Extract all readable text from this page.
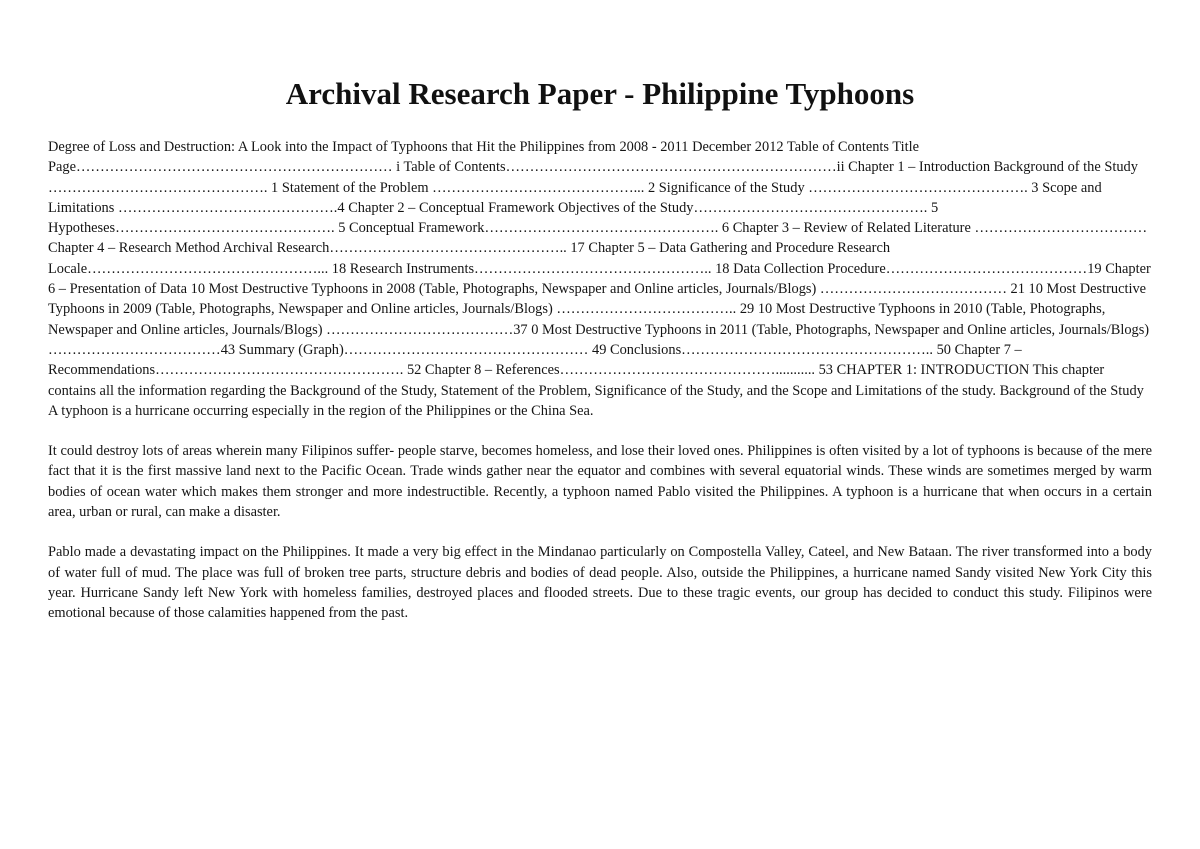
Archival Research Paper - Philippine Typhoons

Degree of Loss and Destruction: A Look into the Impact of Typhoons that Hit the Philippines from 2008 - 2011 December 2012 Table of Contents Title Page………………………………………………………… i Table of Contents……………………………………………………………ii Chapter 1 – Introduction Background of the Study ………………………………………. 1 Statement of the Problem ……………………………………... 2 Significance of the Study ………………………………………. 3 Scope and Limitations ……………………………………….4 Chapter 2 – Conceptual Framework Objectives of the Study…………………………………………. 5 Hypotheses………………………………………. 5 Conceptual Framework…………………………………………. 6 Chapter 3 – Review of Related Literature ……………………………… Chapter 4 – Research Method Archival Research………………………………………….. 17 Chapter 5 – Data Gathering and Procedure Research Locale…………………………………………... 18 Research Instruments………………………………………….. 18 Data Collection Procedure……………………………………19 Chapter 6 – Presentation of Data 10 Most Destructive Typhoons in 2008 (Table, Photographs, Newspaper and Online articles, Journals/Blogs) ………………………………… 21 10 Most Destructive Typhoons in 2009 (Table, Photographs, Newspaper and Online articles, Journals/Blogs) ……………………………….. 29 10 Most Destructive Typhoons in 2010 (Table, Photographs, Newspaper and Online articles, Journals/Blogs) …………………………………37 0 Most Destructive Typhoons in 2011 (Table, Photographs, Newspaper and Online articles, Journals/Blogs) ………………………………43 Summary (Graph)…………………………………………… 49 Conclusions…………………………………………….. 50 Chapter 7 – Recommendations……………………………………………. 52 Chapter 8 – References………………………………………........... 53 CHAPTER 1: INTRODUCTION This chapter contains all the information regarding the Background of the Study, Statement of the Problem, Significance of the Study, and the Scope and Limitations of the study. Background of the Study A typhoon is a hurricane occurring especially in the region of the Philippines or the China Sea.

It could destroy lots of areas wherein many Filipinos suffer- people starve, becomes homeless, and lose their loved ones. Philippines is often visited by a lot of typhoons is because of the mere fact that it is the first massive land next to the Pacific Ocean. Trade winds gather near the equator and combines with several equatorial winds. These winds are sometimes merged by warm bodies of ocean water which makes them stronger and more indestructible. Recently, a typhoon named Pablo visited the Philippines. A typhoon is a hurricane that when occurs in a certain area, urban or rural, can make a disaster.

Pablo made a devastating impact on the Philippines. It made a very big effect in the Mindanao particularly on Compostella Valley, Cateel, and New Bataan. The river transformed into a body of water full of mud. The place was full of broken tree parts, structure debris and bodies of dead people. Also, outside the Philippines, a hurricane named Sandy visited New York City this year. Hurricane Sandy left New York with homeless families, destroyed places and flooded streets. Due to these tragic events, our group has decided to conduct this study. Filipinos were emotional because of those calamities happened from the past.
